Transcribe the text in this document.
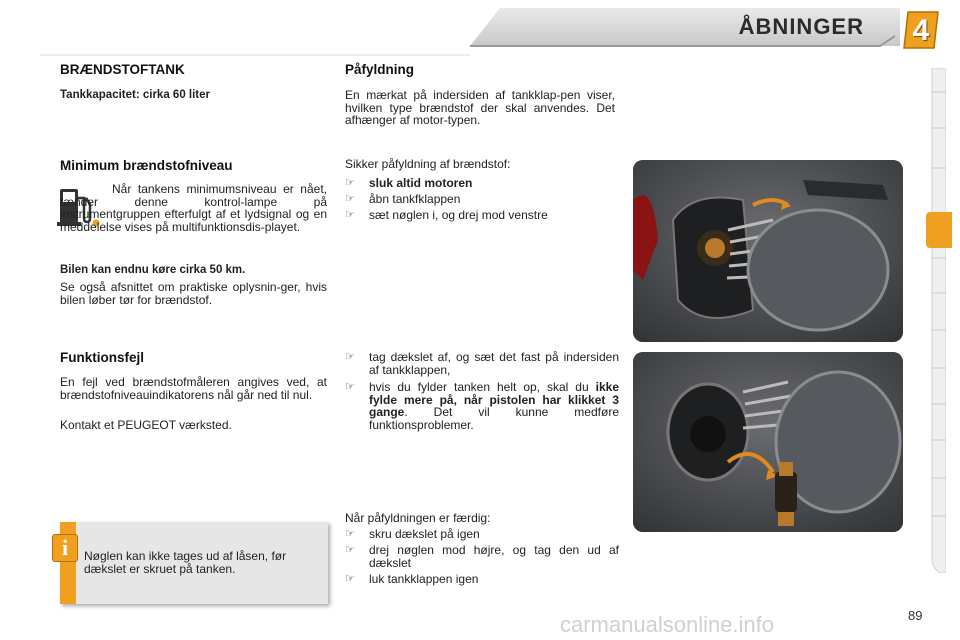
ÅBNINGER	4
BRÆNDSTOFTANK
Tankkapacitet: cirka 60 liter
Minimum brændstofniveau
Når tankens minimumsniveau er nået, tænder denne kontrol-lampe på instrumentgruppen efterfulgt af et lydsignal og en meddelelse vises på multifunktionsdis-playet.
Bilen kan endnu køre cirka 50 km.
Se også afsnittet om praktiske oplysnin-ger, hvis bilen løber tør for brændstof.
Funktionsfejl
En fejl ved brændstofmåleren angives ved, at brændstofniveauindikatorens nål går ned til nul.
Kontakt et PEUGEOT værksted.
i	Nøglen kan ikke tages ud af låsen, før dækslet er skruet på tanken.
Påfyldning
En mærkat på indersiden af tankklap-pen viser, hvilken type brændstof der skal anvendes. Det afhænger af motor-typen.
Sikker påfyldning af brændstof:
☞ sluk altid motoren
☞ åbn tankfklappen
☞ sæt nøglen i, og drej mod venstre
☞ tag dækslet af, og sæt det fast på indersiden af tankklappen,
☞ hvis du fylder tanken helt op, skal du ikke fylde mere på, når pistolen har klikket 3 gange. Det vil kunne medføre funktionsproblemer.
Når påfyldningen er færdig:
☞ skru dækslet på igen
☞ drej nøglen mod højre, og tag den ud af dækslet
☞ luk tankklappen igen
89
carmanualsonline.info
